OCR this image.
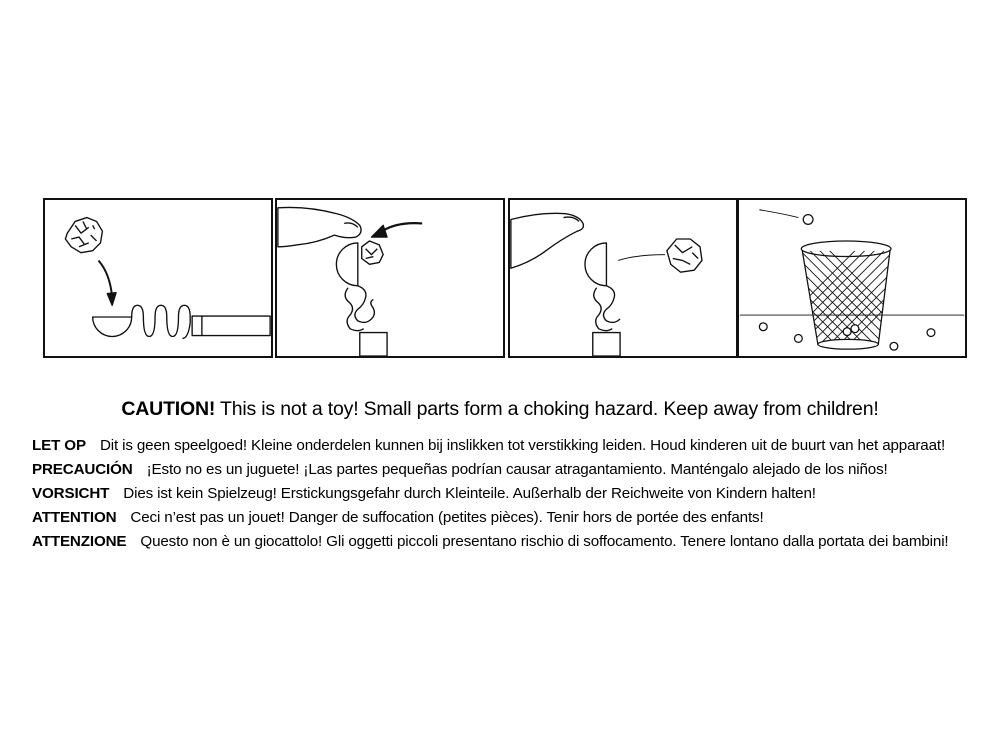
CAUTION! This is not a toy! Small parts form a choking hazard. Keep away from children!
LET OP Dit is geen speelgoed! Kleine onderdelen kunnen bij inslikken tot verstikking leiden. Houd kinderen uit de buurt van het apparaat!
PRECAUCIÓN ¡Esto no es un juguete! ¡Las partes pequeñas podrían causar atragantamiento. Manténgalo alejado de los niños!
VORSICHT Dies ist kein Spielzeug! Erstickungsgefahr durch Kleinteile. Außerhalb der Reichweite von Kindern halten!
ATTENTION Ceci n’est pas un jouet! Danger de suffocation (petites pièces). Tenir hors de portée des enfants!
ATTENZIONE Questo non è un giocattolo! Gli oggetti piccoli presentano rischio di soffocamento. Tenere lontano dalla portata dei bambini!
